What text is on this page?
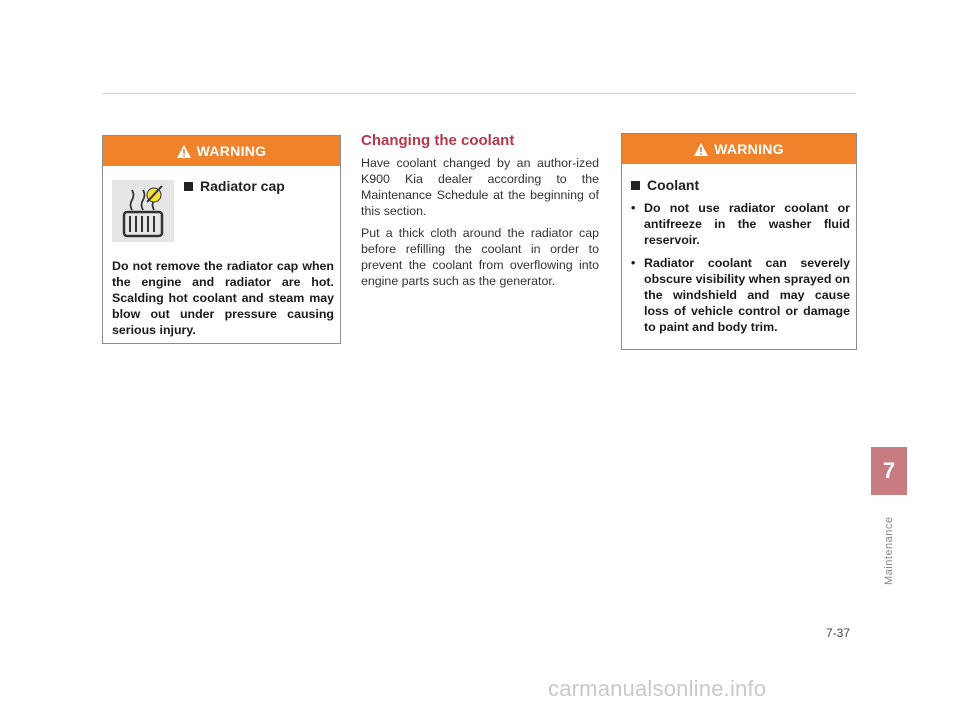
WARNING
Radiator cap
Do not remove the radiator cap when the engine and radiator are hot. Scalding hot coolant and steam may blow out under pressure causing serious injury.
Changing the coolant

Have coolant changed by an author-ized K900 Kia dealer according to the Maintenance Schedule at the beginning of this section.

Put a thick cloth around the radiator cap before refilling the coolant in order to prevent the coolant from overflowing into engine parts such as the generator.

WARNING
Coolant
• Do not use radiator coolant or antifreeze in the washer fluid reservoir.
• Radiator coolant can severely obscure visibility when sprayed on the windshield and may cause loss of vehicle control or damage to paint and body trim.
7
Maintenance
7-37
carmanualsonline.info
